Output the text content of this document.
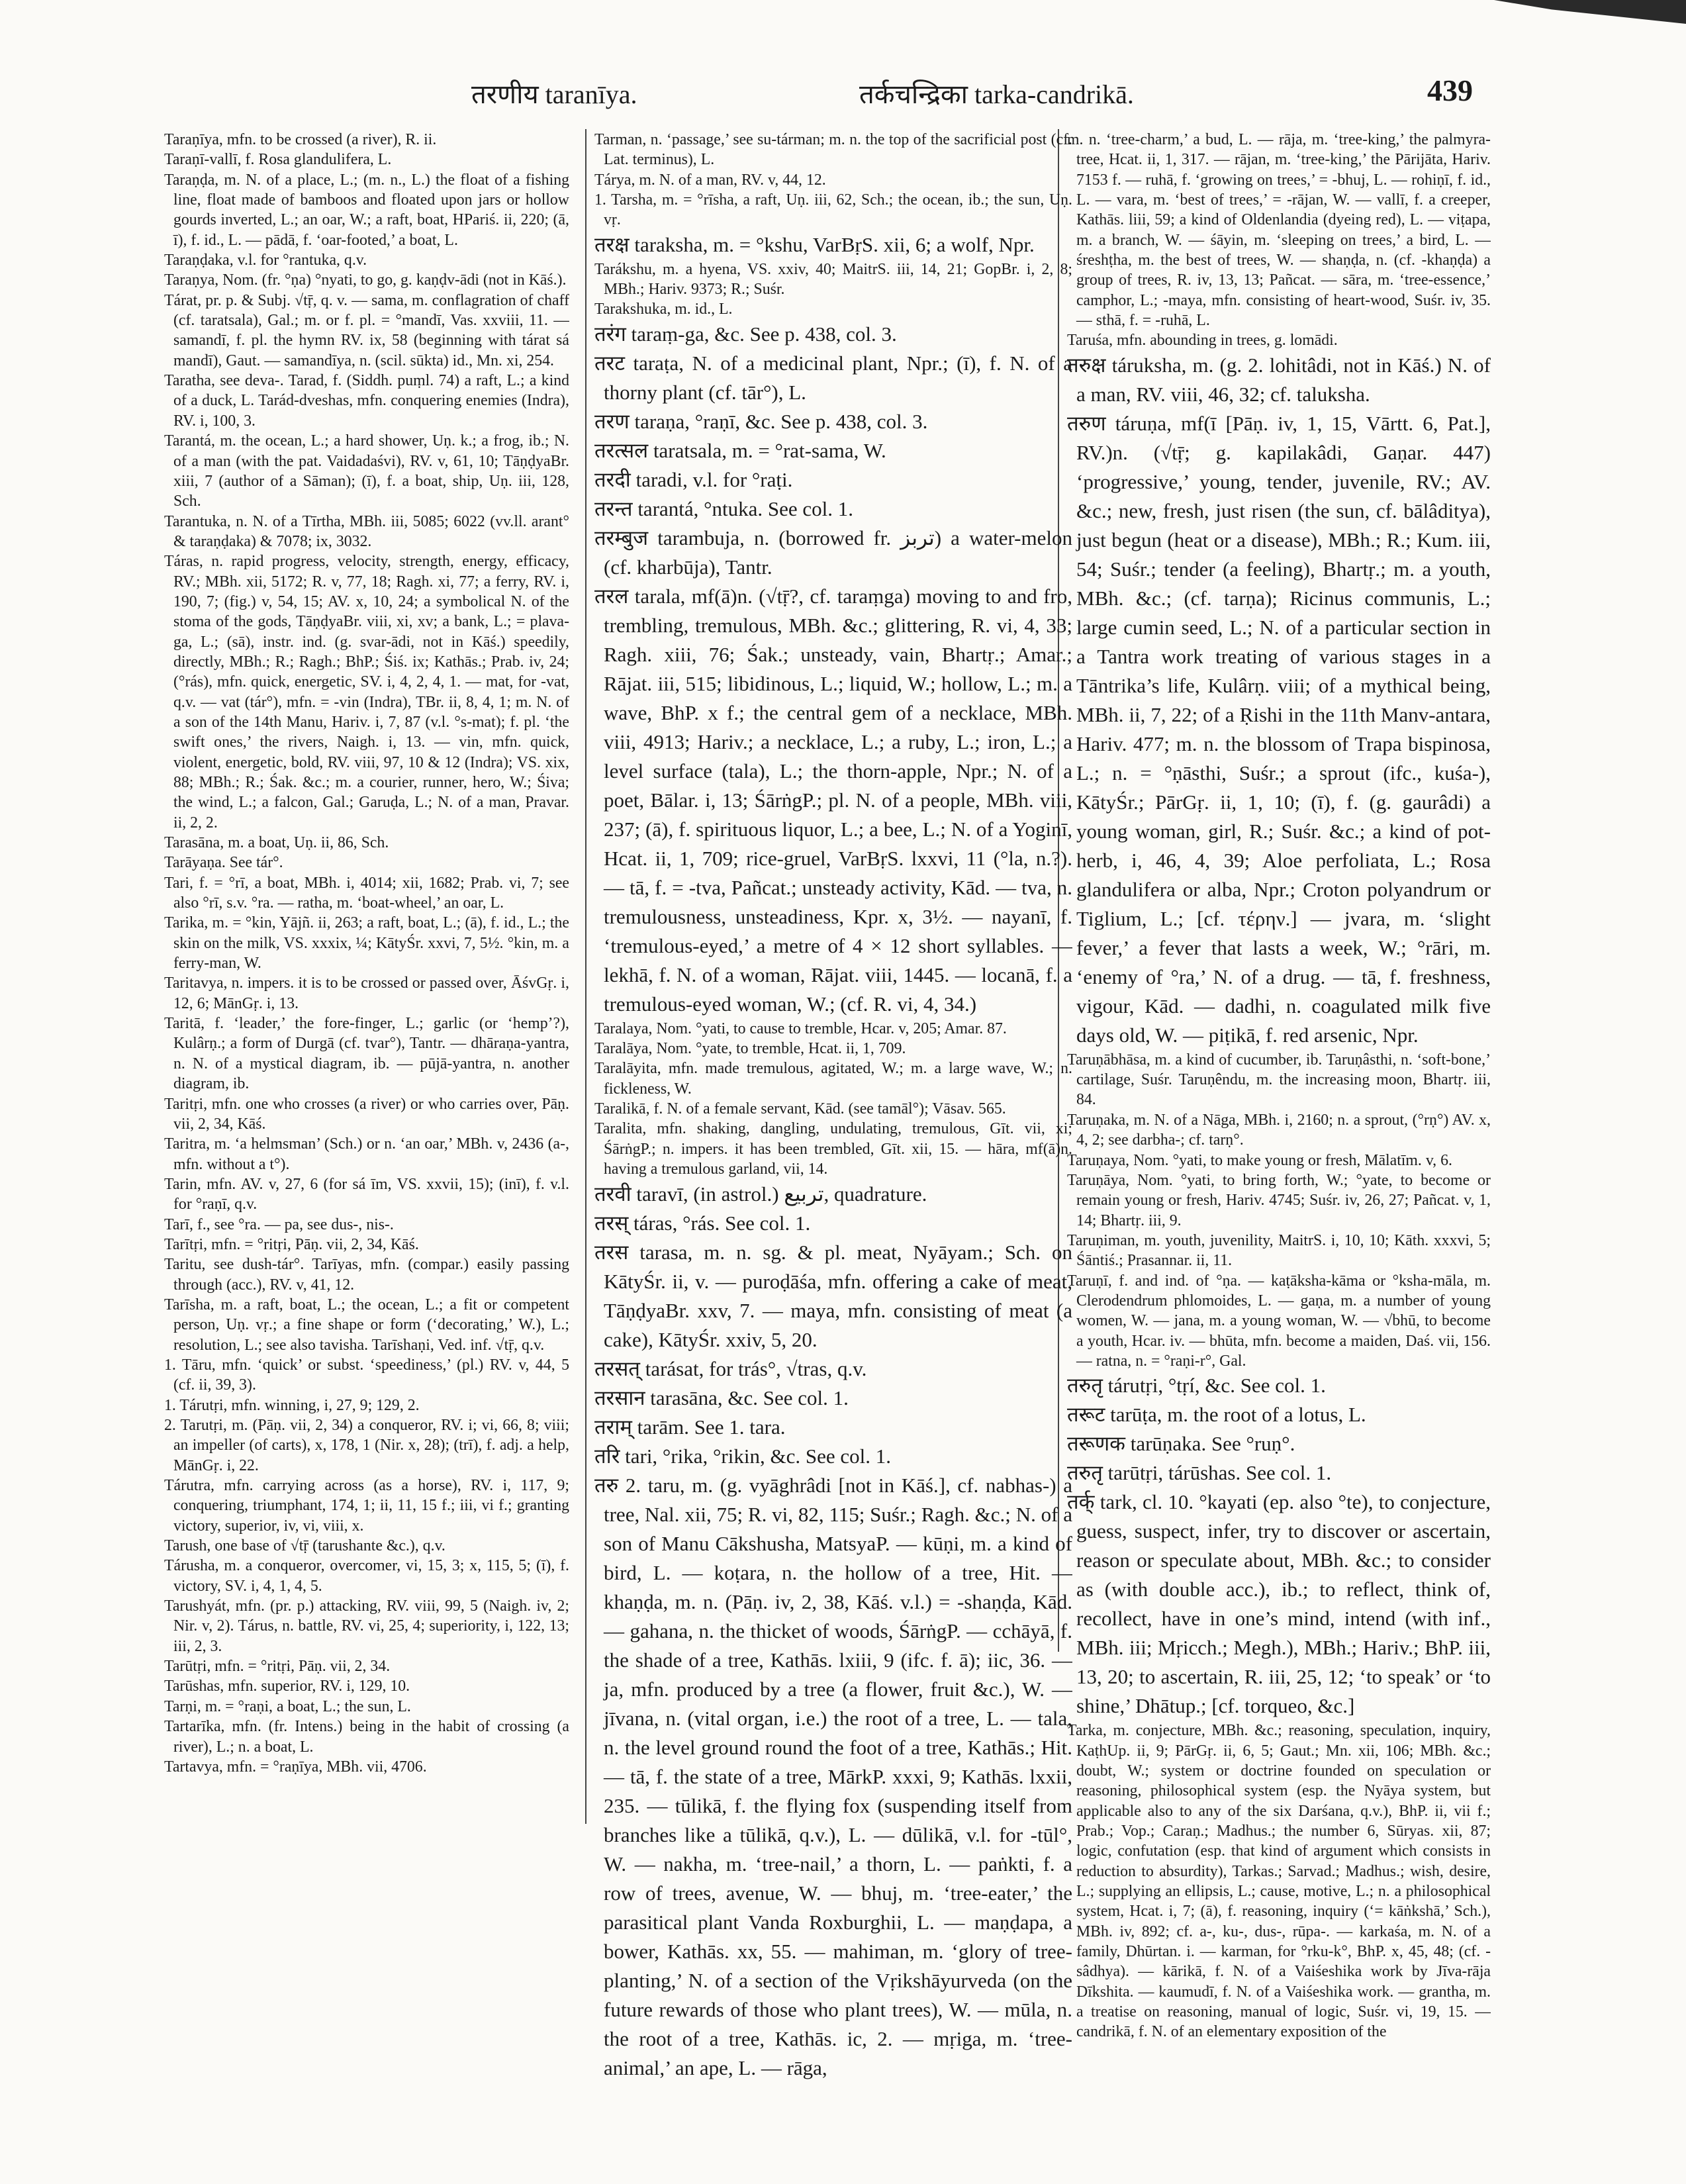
तरणीय taranīya.	तर्कचन्द्रिका tarka-candrikā.	439

Taraṇīya, mfn. to be crossed (a river), R. ii.

Taraṇī-vallī, f. Rosa glandulifera, L.

Taraṇḍa, m. N. of a place, L.; (m. n., L.) the float of a fishing line, float made of bamboos and floated upon jars or hollow gourds inverted, L.; an oar, W.; a raft, boat, HPariś. ii, 220; (ā, ī), f. id., L. — pādā, f. ‘oar-footed,’ a boat, L.

Taraṇḍaka, v.l. for °rantuka, q.v.

Taraṇya, Nom. (fr. °ṇa) °nyati, to go, g. kaṇḍv-ādi (not in Kāś.).

Tárat, pr. p. & Subj. √tṝ, q. v. — sama, m. conflagration of chaff (cf. taratsala), Gal.; m. or f. pl. = °mandī, Vas. xxviii, 11. — samandī, f. pl. the hymn RV. ix, 58 (beginning with tárat sá mandī), Gaut. — samandīya, n. (scil. sūkta) id., Mn. xi, 254.

Taratha, see deva-. Tarad, f. (Siddh. puṃl. 74) a raft, L.; a kind of a duck, L. Tarád-dveshas, mfn. conquering enemies (Indra), RV. i, 100, 3.

Tarantá, m. the ocean, L.; a hard shower, Uṇ. k.; a frog, ib.; N. of a man (with the pat. Vaidadaśvi), RV. v, 61, 10; TāṇḍyaBr. xiii, 7 (author of a Sāman); (ī), f. a boat, ship, Uṇ. iii, 128, Sch.

Tarantuka, n. N. of a Tīrtha, MBh. iii, 5085; 6022 (vv.ll. arant° & taraṇḍaka) & 7078; ix, 3032.

Táras, n. rapid progress, velocity, strength, energy, efficacy, RV.; MBh. xii, 5172; R. v, 77, 18; Ragh. xi, 77; a ferry, RV. i, 190, 7; (fig.) v, 54, 15; AV. x, 10, 24; a symbolical N. of the stoma of the gods, TāṇḍyaBr. viii, xi, xv; a bank, L.; = plava-ga, L.; (sā), instr. ind. (g. svar-ādi, not in Kāś.) speedily, directly, MBh.; R.; Ragh.; BhP.; Śiś. ix; Kathās.; Prab. iv, 24; (°rás), mfn. quick, energetic, SV. i, 4, 2, 4, 1. — mat, for -vat, q.v. — vat (tár°), mfn. = -vin (Indra), TBr. ii, 8, 4, 1; m. N. of a son of the 14th Manu, Hariv. i, 7, 87 (v.l. °s-mat); f. pl. ‘the swift ones,’ the rivers, Naigh. i, 13. — vin, mfn. quick, violent, energetic, bold, RV. viii, 97, 10 & 12 (Indra); VS. xix, 88; MBh.; R.; Śak. &c.; m. a courier, runner, hero, W.; Śiva; the wind, L.; a falcon, Gal.; Garuḍa, L.; N. of a man, Pravar. ii, 2, 2.

Tarasāna, m. a boat, Uṇ. ii, 86, Sch.

Tarāyaṇa. See tár°.

Tari, f. = °rī, a boat, MBh. i, 4014; xii, 1682; Prab. vi, 7; see also °rī, s.v. °ra. — ratha, m. ‘boat-wheel,’ an oar, L.

Tarika, m. = °kin, Yājñ. ii, 263; a raft, boat, L.; (ā), f. id., L.; the skin on the milk, VS. xxxix, ¼; KātyŚr. xxvi, 7, 5½. °kin, m. a ferry-man, W.

Taritavya, n. impers. it is to be crossed or passed over, ĀśvGṛ. i, 12, 6; MānGṛ. i, 13.

Taritā, f. ‘leader,’ the fore-finger, L.; garlic (or ‘hemp’?), Kulârṇ.; a form of Durgā (cf. tvar°), Tantr. — dhāraṇa-yantra, n. N. of a mystical diagram, ib. — pūjā-yantra, n. another diagram, ib.

Taritṛi, mfn. one who crosses (a river) or who carries over, Pāṇ. vii, 2, 34, Kāś.

Taritra, m. ‘a helmsman’ (Sch.) or n. ‘an oar,’ MBh. v, 2436 (a-, mfn. without a t°).

Tarin, mfn. AV. v, 27, 6 (for sá īm, VS. xxvii, 15); (inī), f. v.l. for °raṇī, q.v.

Tarī, f., see °ra. — pa, see dus-, nis-.

Tarītṛi, mfn. = °ritṛi, Pāṇ. vii, 2, 34, Kāś.

Taritu, see dush-tár°. Tarīyas, mfn. (compar.) easily passing through (acc.), RV. v, 41, 12.

Tarīsha, m. a raft, boat, L.; the ocean, L.; a fit or competent person, Uṇ. vṛ.; a fine shape or form (‘decorating,’ W.), L.; resolution, L.; see also tavisha. Tarīshaṇi, Ved. inf. √tṝ, q.v.

1. Tāru, mfn. ‘quick’ or subst. ‘speediness,’ (pl.) RV. v, 44, 5 (cf. ii, 39, 3).

1. Tárutṛi, mfn. winning, i, 27, 9; 129, 2.

2. Tarutṛi, m. (Pāṇ. vii, 2, 34) a conqueror, RV. i; vi, 66, 8; viii; an impeller (of carts), x, 178, 1 (Nir. x, 28); (trī), f. adj. a help, MānGṛ. i, 22.

Tárutra, mfn. carrying across (as a horse), RV. i, 117, 9; conquering, triumphant, 174, 1; ii, 11, 15 f.; iii, vi f.; granting victory, superior, iv, vi, viii, x.

Tarush, one base of √tṝ (tarushante &c.), q.v.

Tárusha, m. a conqueror, overcomer, vi, 15, 3; x, 115, 5; (ī), f. victory, SV. i, 4, 1, 4, 5.

Tarushyát, mfn. (pr. p.) attacking, RV. viii, 99, 5 (Naigh. iv, 2; Nir. v, 2). Tárus, n. battle, RV. vi, 25, 4; superiority, i, 122, 13; iii, 2, 3.

Tarūtṛi, mfn. = °ritṛi, Pāṇ. vii, 2, 34.

Tarūshas, mfn. superior, RV. i, 129, 10.

Tarṇi, m. = °raṇi, a boat, L.; the sun, L.

Tartarīka, mfn. (fr. Intens.) being in the habit of crossing (a river), L.; n. a boat, L.

Tartavya, mfn. = °raṇīya, MBh. vii, 4706.

Tarman, n. ‘passage,’ see su-tárman; m. n. the top of the sacrificial post (cf. Lat. terminus), L.

Tárya, m. N. of a man, RV. v, 44, 12.

1. Tarsha, m. = °rīsha, a raft, Uṇ. iii, 62, Sch.; the ocean, ib.; the sun, Uṇ. vṛ.

तरक्ष taraksha, m. = °kshu, VarBṛS. xii, 6; a wolf, Npr.

Tarákshu, m. a hyena, VS. xxiv, 40; MaitrS. iii, 14, 21; GopBr. i, 2, 8; MBh.; Hariv. 9373; R.; Suśr.

Tarakshuka, m. id., L.

तरंग taraṃ-ga, &c. See p. 438, col. 3.

तरट taraṭa, N. of a medicinal plant, Npr.; (ī), f. N. of a thorny plant (cf. tār°), L.

तरण taraṇa, °raṇī, &c. See p. 438, col. 3.

तरत्सल taratsala, m. = °rat-sama, W.

तरदी taradi, v.l. for °raṭi.

तरन्त tarantá, °ntuka. See col. 1.

तरम्बुज tarambuja, n. (borrowed fr. تربز) a water-melon (cf. kharbūja), Tantr.

तरल tarala, mf(ā)n. (√tṝ?, cf. taraṃga) moving to and fro, trembling, tremulous, MBh. &c.; glittering, R. vi, 4, 33; Ragh. xiii, 76; Śak.; unsteady, vain, Bhartṛ.; Amar.; Rājat. iii, 515; libidinous, L.; liquid, W.; hollow, L.; m. a wave, BhP. x f.; the central gem of a necklace, MBh. viii, 4913; Hariv.; a necklace, L.; a ruby, L.; iron, L.; a level surface (tala), L.; the thorn-apple, Npr.; N. of a poet, Bālar. i, 13; ŚārṅgP.; pl. N. of a people, MBh. viii, 237; (ā), f. spirituous liquor, L.; a bee, L.; N. of a Yoginī, Hcat. ii, 1, 709; rice-gruel, VarBṛS. lxxvi, 11 (°la, n.?). — tā, f. = -tva, Pañcat.; unsteady activity, Kād. — tva, n. tremulousness, unsteadiness, Kpr. x, 3½. — nayanī, f. ‘tremulous-eyed,’ a metre of 4 × 12 short syllables. — lekhā, f. N. of a woman, Rājat. viii, 1445. — locanā, f. a tremulous-eyed woman, W.; (cf. R. vi, 4, 34.)

Taralaya, Nom. °yati, to cause to tremble, Hcar. v, 205; Amar. 87.

Taralāya, Nom. °yate, to tremble, Hcat. ii, 1, 709.

Taralāyita, mfn. made tremulous, agitated, W.; m. a large wave, W.; n. fickleness, W.

Taralikā, f. N. of a female servant, Kād. (see tamāl°); Vāsav. 565.

Taralita, mfn. shaking, dangling, undulating, tremulous, Gīt. vii, xi; ŚārṅgP.; n. impers. it has been trembled, Gīt. xii, 15. — hāra, mf(ā)n. having a tremulous garland, vii, 14.

तरवी taravī, (in astrol.) تربيع, quadrature.

तरस् táras, °rás. See col. 1.

तरस tarasa, m. n. sg. & pl. meat, Nyāyam.; Sch. on KātyŚr. ii, v. — puroḍāśa, mfn. offering a cake of meat, TāṇḍyaBr. xxv, 7. — maya, mfn. consisting of meat (a cake), KātyŚr. xxiv, 5, 20.

तरसत् tarásat, for trás°, √tras, q.v.

तरसान tarasāna, &c. See col. 1.

तराम् tarām. See 1. tara.

तरि tari, °rika, °rikin, &c. See col. 1.

तरु 2. taru, m. (g. vyāghrâdi [not in Kāś.], cf. nabhas-) a tree, Nal. xii, 75; R. vi, 82, 115; Suśr.; Ragh. &c.; N. of a son of Manu Cākshusha, MatsyaP. — kūṇi, m. a kind of bird, L. — koṭara, n. the hollow of a tree, Hit. — khaṇḍa, m. n. (Pāṇ. iv, 2, 38, Kāś. v.l.) = -shaṇḍa, Kād. — gahana, n. the thicket of woods, ŚārṅgP. — cchāyā, f. the shade of a tree, Kathās. lxiii, 9 (ifc. f. ā); iic, 36. — ja, mfn. produced by a tree (a flower, fruit &c.), W. — jīvana, n. (vital organ, i.e.) the root of a tree, L. — tala, n. the level ground round the foot of a tree, Kathās.; Hit. — tā, f. the state of a tree, MārkP. xxxi, 9; Kathās. lxxii, 235. — tūlikā, f. the flying fox (suspending itself from branches like a tūlikā, q.v.), L. — dūlikā, v.l. for -tūl°, W. — nakha, m. ‘tree-nail,’ a thorn, L. — paṅkti, f. a row of trees, avenue, W. — bhuj, m. ‘tree-eater,’ the parasitical plant Vanda Roxburghii, L. — maṇḍapa, a bower, Kathās. xx, 55. — mahiman, m. ‘glory of tree-planting,’ N. of a section of the Vṛikshāyurveda (on the future rewards of those who plant trees), W. — mūla, n. the root of a tree, Kathās. ic, 2. — mṛiga, m. ‘tree-animal,’ an ape, L. — rāga,

m. n. ‘tree-charm,’ a bud, L. — rāja, m. ‘tree-king,’ the palmyra-tree, Hcat. ii, 1, 317. — rājan, m. ‘tree-king,’ the Pārijāta, Hariv. 7153 f. — ruhā, f. ‘growing on trees,’ = -bhuj, L. — rohiṇī, f. id., L. — vara, m. ‘best of trees,’ = -rājan, W. — vallī, f. a creeper, Kathās. liii, 59; a kind of Oldenlandia (dyeing red), L. — viṭapa, m. a branch, W. — śāyin, m. ‘sleeping on trees,’ a bird, L. — śreshṭha, m. the best of trees, W. — shaṇḍa, n. (cf. -khaṇḍa) a group of trees, R. iv, 13, 13; Pañcat. — sāra, m. ‘tree-essence,’ camphor, L.; -maya, mfn. consisting of heart-wood, Suśr. iv, 35. — sthā, f. = -ruhā, L.

Taruśa, mfn. abounding in trees, g. lomādi.

तरुक्ष táruksha, m. (g. 2. lohitâdi, not in Kāś.) N. of a man, RV. viii, 46, 32; cf. taluksha.

तरुण táruṇa, mf(ī [Pāṇ. iv, 1, 15, Vārtt. 6, Pat.], RV.)n. (√tṝ; g. kapilakâdi, Gaṇar. 447) ‘progressive,’ young, tender, juvenile, RV.; AV. &c.; new, fresh, just risen (the sun, cf. bālâditya), just begun (heat or a disease), MBh.; R.; Kum. iii, 54; Suśr.; tender (a feeling), Bhartṛ.; m. a youth, MBh. &c.; (cf. tarṇa); Ricinus communis, L.; large cumin seed, L.; N. of a particular section in a Tantra work treating of various stages in a Tāntrika’s life, Kulârṇ. viii; of a mythical being, MBh. ii, 7, 22; of a Ṛishi in the 11th Manv-antara, Hariv. 477; m. n. the blossom of Trapa bispinosa, L.; n. = °ṇāsthi, Suśr.; a sprout (ifc., kuśa-), KātyŚr.; PārGṛ. ii, 1, 10; (ī), f. (g. gaurâdi) a young woman, girl, R.; Suśr. &c.; a kind of pot-herb, i, 46, 4, 39; Aloe perfoliata, L.; Rosa glandulifera or alba, Npr.; Croton polyandrum or Tiglium, L.; [cf. τέρην.] — jvara, m. ‘slight fever,’ a fever that lasts a week, W.; °rāri, m. ‘enemy of °ra,’ N. of a drug. — tā, f. freshness, vigour, Kād. — dadhi, n. coagulated milk five days old, W. — piṭikā, f. red arsenic, Npr.

Taruṇābhāsa, m. a kind of cucumber, ib. Taruṇâsthi, n. ‘soft-bone,’ cartilage, Suśr. Taruṇêndu, m. the increasing moon, Bhartṛ. iii, 84.

Taruṇaka, m. N. of a Nāga, MBh. i, 2160; n. a sprout, (°rṇ°) AV. x, 4, 2; see darbha-; cf. tarṇ°.

Taruṇaya, Nom. °yati, to make young or fresh, Mālatīm. v, 6.

Taruṇāya, Nom. °yati, to bring forth, W.; °yate, to become or remain young or fresh, Hariv. 4745; Suśr. iv, 26, 27; Pañcat. v, 1, 14; Bhartṛ. iii, 9.

Taruṇiman, m. youth, juvenility, MaitrS. i, 10, 10; Kāth. xxxvi, 5; Śāntiś.; Prasannar. ii, 11.

Taruṇī, f. and ind. of °ṇa. — kaṭāksha-kāma or °ksha-māla, m. Clerodendrum phlomoides, L. — gaṇa, m. a number of young women, W. — jana, m. a young woman, W. — √bhū, to become a youth, Hcar. iv. — bhūta, mfn. become a maiden, Daś. vii, 156. — ratna, n. = °raṇi-r°, Gal.

तरुतृ tárutṛi, °tṛí, &c. See col. 1.

तरूट tarūṭa, m. the root of a lotus, L.

तरूणक tarūṇaka. See °ruṇ°.

तरुतृ tarūtṛi, tárūshas. See col. 1.

तर्क् tark, cl. 10. °kayati (ep. also °te), to conjecture, guess, suspect, infer, try to discover or ascertain, reason or speculate about, MBh. &c.; to consider as (with double acc.), ib.; to reflect, think of, recollect, have in one’s mind, intend (with inf., MBh. iii; Mṛicch.; Megh.), MBh.; Hariv.; BhP. iii, 13, 20; to ascertain, R. iii, 25, 12; ‘to speak’ or ‘to shine,’ Dhātup.; [cf. torqueo, &c.]

Tarka, m. conjecture, MBh. &c.; reasoning, speculation, inquiry, KaṭhUp. ii, 9; PārGṛ. ii, 6, 5; Gaut.; Mn. xii, 106; MBh. &c.; doubt, W.; system or doctrine founded on speculation or reasoning, philosophical system (esp. the Nyāya system, but applicable also to any of the six Darśana, q.v.), BhP. ii, vii f.; Prab.; Vop.; Caraṇ.; Madhus.; the number 6, Sūryas. xii, 87; logic, confutation (esp. that kind of argument which consists in reduction to absurdity), Tarkas.; Sarvad.; Madhus.; wish, desire, L.; supplying an ellipsis, L.; cause, motive, L.; n. a philosophical system, Hcat. i, 7; (ā), f. reasoning, inquiry (‘= kāṅkshā,’ Sch.), MBh. iv, 892; cf. a-, ku-, dus-, rūpa-. — karkaśa, m. N. of a family, Dhūrtan. i. — karman, for °rku-k°, BhP. x, 45, 48; (cf. -sâdhya). — kārikā, f. N. of a Vaiśeshika work by Jīva-rāja Dīkshita. — kaumudī, f. N. of a Vaiśeshika work. — grantha, m. a treatise on reasoning, manual of logic, Suśr. vi, 19, 15. — candrikā, f. N. of an elementary exposition of the
